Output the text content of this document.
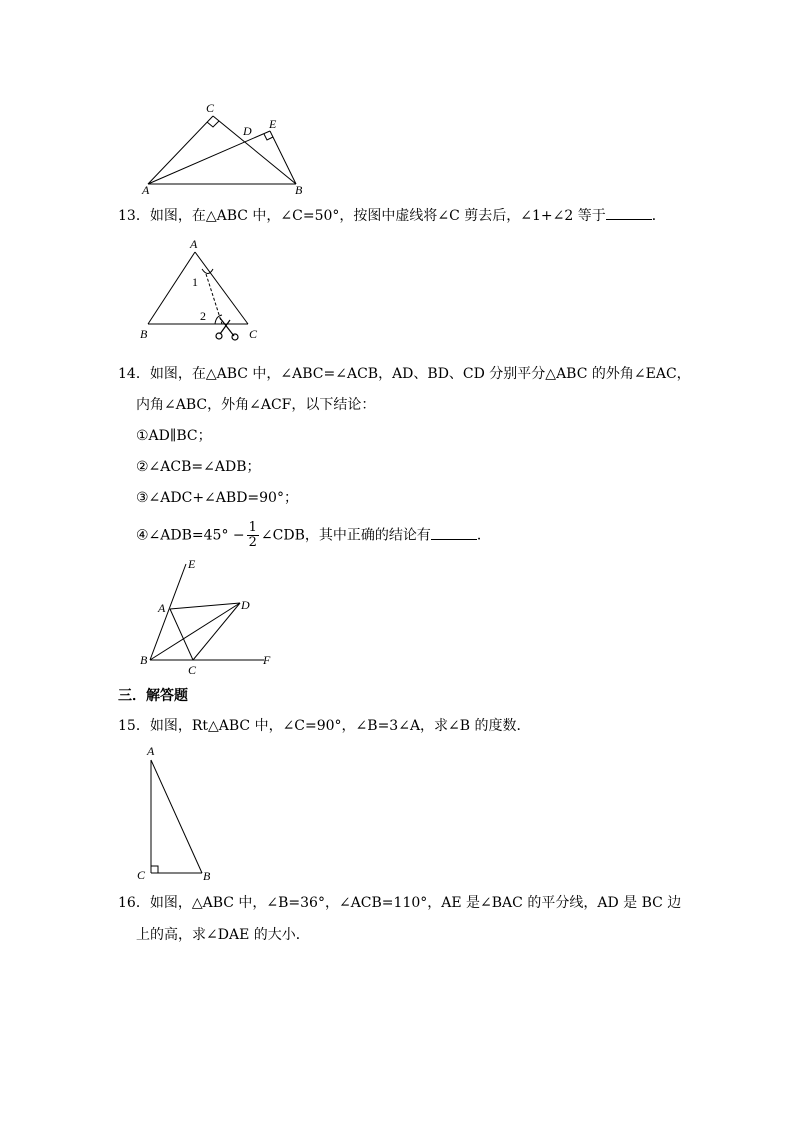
C
D E
A	B
13．如图，在△ABC 中，∠C=50°，按图中虚线将∠C 剪去后，∠1+∠2 等于	．
A
1
2
B	C
14．如图，在△ABC 中，∠ABC=∠ACB，AD、BD、CD 分别平分△ABC 的外角∠EAC，
内角∠ABC，外角∠ACF，以下结论：
①AD∥BC；
②∠ACB=∠ADB；
③∠ADC+∠ABD=90°；
④∠ADB=45° − $\frac{1}{2}$ ∠CDB，其中正确的结论有	．
E
A	D
B
C
F
三．解答题
15．如图，Rt△ABC 中，∠C=90°，∠B=3∠A，求∠B 的度数．
A
C	B
16．如图，△ABC 中，∠B=36°，∠ACB=110°，AE 是∠BAC 的平分线，AD 是 BC 边
上的高，求∠DAE 的大小．
